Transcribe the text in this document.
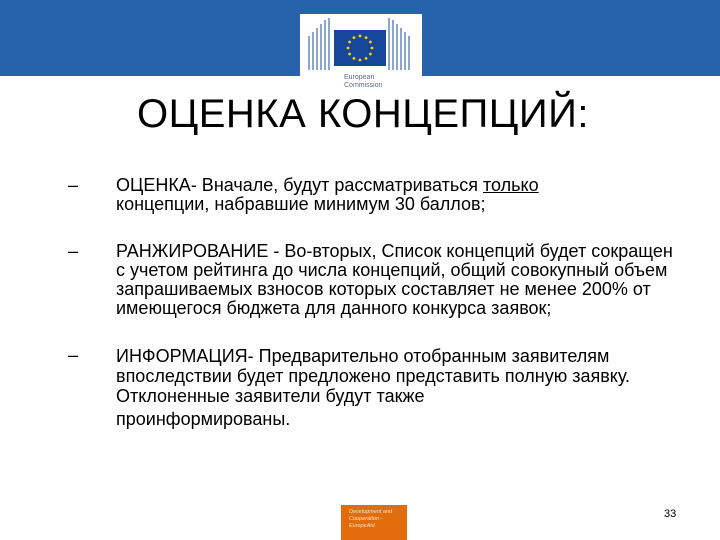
European
Commission
ОЦЕНКА КОНЦЕПЦИЙ:
–	ОЦЕНКА- Вначале, будут рассматриваться только
концепции, набравшие минимум 30 баллов;
–	РАНЖИРОВАНИЕ - Во-вторых, Список концепций будет сокращен с учетом рейтинга до числа концепций, общий совокупный объем запрашиваемых взносов которых составляет не менее 200% от имеющегося бюджета для данного конкурса заявок;
–	ИНФОРМАЦИЯ- Предварительно отобранным заявителям впоследствии будет предложено представить полную заявку. Отклоненные заявители будут также
проинформированы.
Development and
Cooperation -
EuropeAid
33
